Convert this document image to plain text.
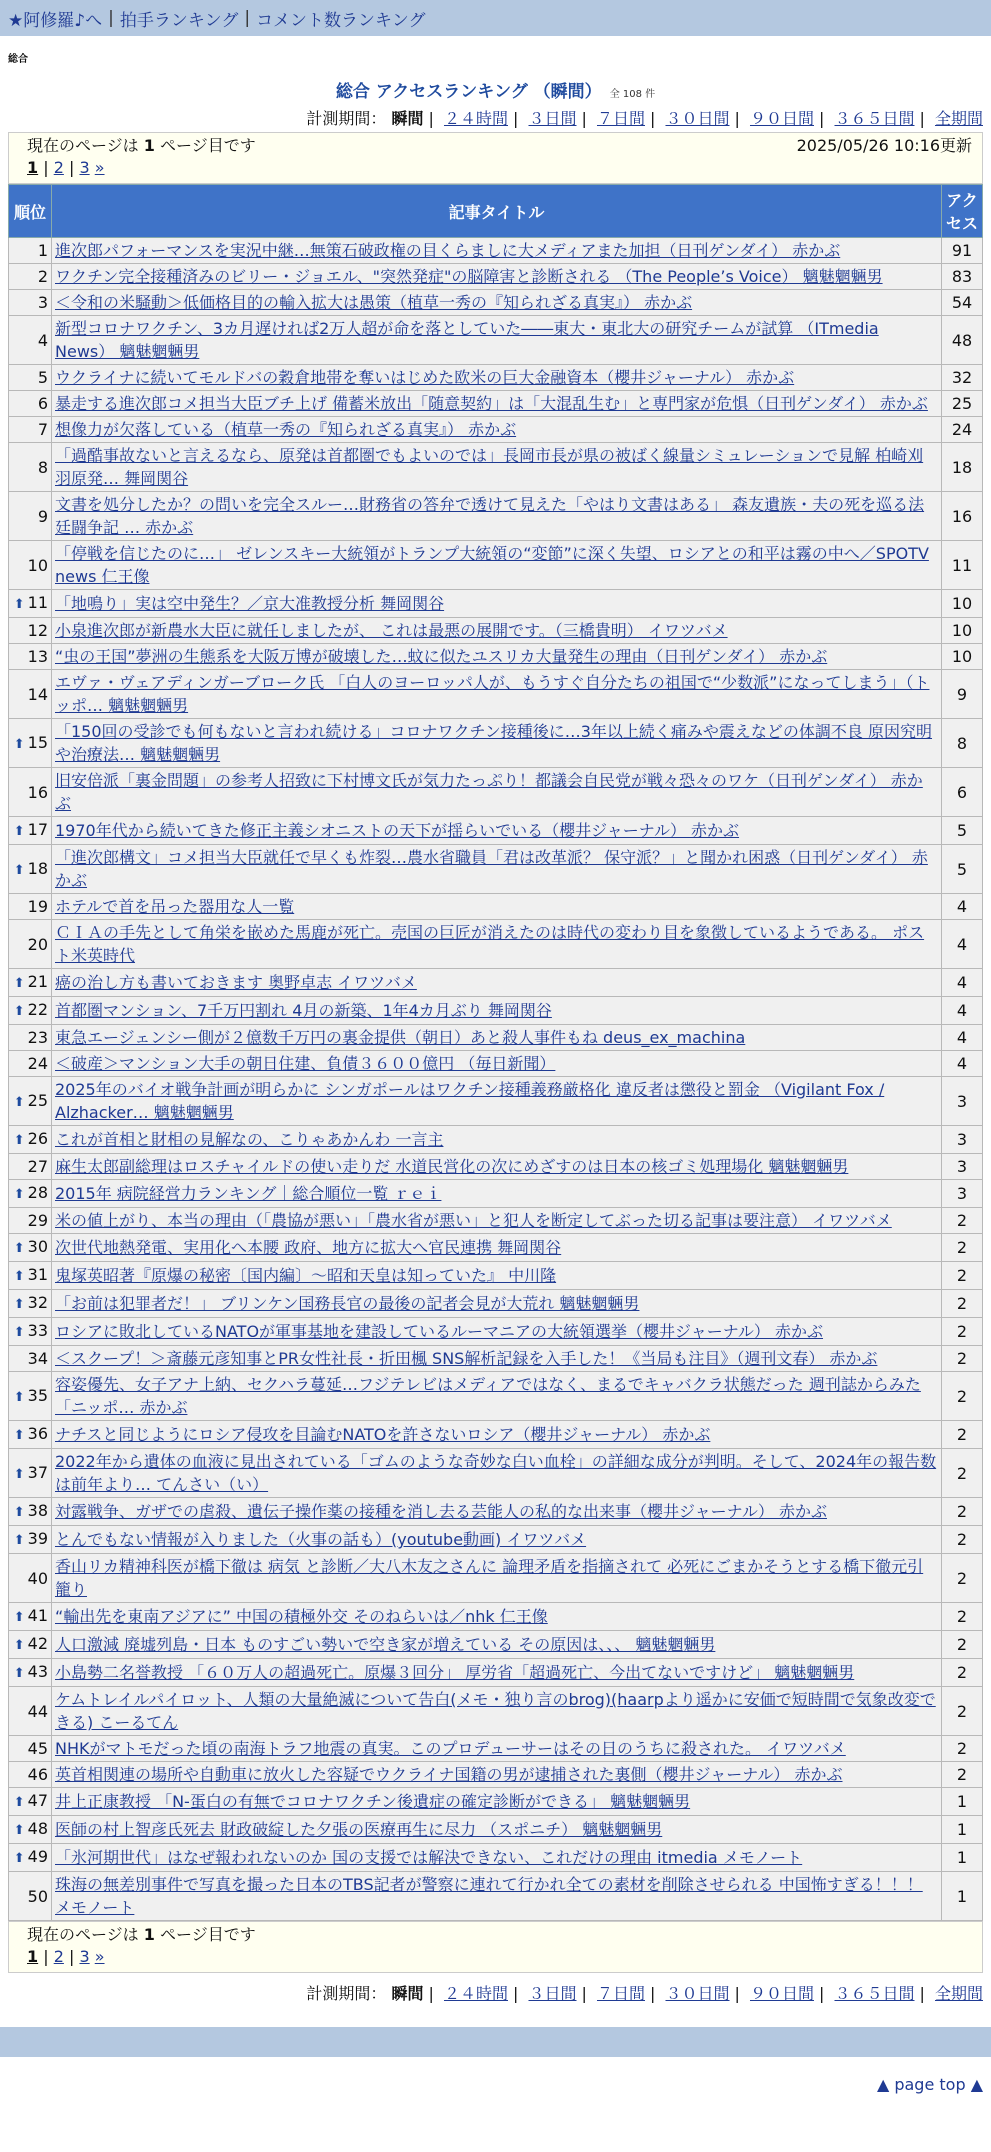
★阿修羅♪へ | 拍手ランキング | コメント数ランキング
総合
総合 アクセスランキング （瞬間） 全 108 件
計測期間： 瞬間 | ２４時間 | ３日間 | ７日間 | ３０日間 | ９０日間 | ３６５日間 | 全期間
現在のページは 1 ページ目です	2025/05/26 10:16更新
1 | 2 | 3 »
順位	記事タイトル	アクセス
1	進次郎パフォーマンスを実況中継…無策石破政権の目くらましに大メディアまた加担（日刊ゲンダイ） 赤かぶ	91
2	ワクチン完全接種済みのビリー・ジョエル、"突然発症"の脳障害と診断される （The People’s Voice） 魑魅魍魎男	83
3	＜令和の米騒動＞低価格目的の輸入拡大は愚策（植草一秀の『知られざる真実』） 赤かぶ	54
4	新型コロナワクチン、3カ月遅ければ2万人超が命を落としていた――東大・東北大の研究チームが試算 （ITmedia News） 魑魅魍魎男	48
5	ウクライナに続いてモルドバの穀倉地帯を奪いはじめた欧米の巨大金融資本（櫻井ジャーナル） 赤かぶ	32
6	暴走する進次郎コメ担当大臣ブチ上げ 備蓄米放出「随意契約」は「大混乱生む」と専門家が危惧（日刊ゲンダイ） 赤かぶ	25
7	想像力が欠落している（植草一秀の『知られざる真実』） 赤かぶ	24
8	「過酷事故ないと言えるなら、原発は首都圏でもよいのでは」長岡市長が県の被ばく線量シミュレーションで見解 柏崎刈羽原発… 舞岡関谷	18
9	文書を処分したか？の問いを完全スルー…財務省の答弁で透けて見えた「やはり文書はある」 森友遺族・夫の死を巡る法廷闘争記 … 赤かぶ	16
10	「停戦を信じたのに…」 ゼレンスキー大統領がトランプ大統領の“変節”に深く失望、ロシアとの和平は霧の中へ／SPOTV news 仁王像	11
⬆ 11	「地鳴り」実は空中発生？／京大准教授分析 舞岡関谷	10
12	小泉進次郎が新農水大臣に就任しましたが、 これは最悪の展開です。（三橋貴明） イワツバメ	10
13	“虫の王国”夢洲の生態系を大阪万博が破壊した…蚊に似たユスリカ大量発生の理由（日刊ゲンダイ） 赤かぶ	10
14	エヴァ・ヴェアディンガーブローク氏 「白人のヨーロッパ人が、もうすぐ自分たちの祖国で“少数派”になってしまう」（トッポ… 魑魅魍魎男	9
⬆ 15	「150回の受診でも何もないと言われ続ける」コロナワクチン接種後に…3年以上続く痛みや震えなどの体調不良 原因究明や治療法… 魑魅魍魎男	8
16	旧安倍派「裏金問題」の参考人招致に下村博文氏が気力たっぷり！都議会自民党が戦々恐々のワケ（日刊ゲンダイ） 赤かぶ	6
⬆ 17	1970年代から続いてきた修正主義シオニストの天下が揺らいでいる（櫻井ジャーナル） 赤かぶ	5
⬆ 18	「進次郎構文」コメ担当大臣就任で早くも炸裂…農水省職員「君は改革派？ 保守派？」と聞かれ困惑（日刊ゲンダイ） 赤かぶ	5
19	ホテルで首を吊った器用な人一覧	4
20	ＣＩＡの手先として角栄を嵌めた馬鹿が死亡。売国の巨匠が消えたのは時代の変わり目を象徴しているようである。 ポスト米英時代	4
⬆ 21	癌の治し方も書いておきます 奥野卓志 イワツバメ	4
⬆ 22	首都圏マンション、7千万円割れ 4月の新築、1年4カ月ぶり 舞岡関谷	4
23	東急エージェンシー側が２億数千万円の裏金提供（朝日）あと殺人事件もね deus_ex_machina	4
24	＜破産＞マンション大手の朝日住建、負債３６００億円 （毎日新聞）	4
⬆ 25	2025年のバイオ戦争計画が明らかに シンガポールはワクチン接種義務厳格化 違反者は懲役と罰金 （Vigilant Fox / Alzhacker… 魑魅魍魎男	3
⬆ 26	これが首相と財相の見解なの、こりゃあかんわ 一言主	3
27	麻生太郎副総理はロスチャイルドの使い走りだ 水道民営化の次にめざすのは日本の核ゴミ処理場化 魑魅魍魎男	3
⬆ 28	2015年 病院経営力ランキング｜総合順位一覧 ｒｅｉ	3
29	米の値上がり、本当の理由（「農協が悪い」「農水省が悪い」と犯人を断定してぶった切る記事は要注意） イワツバメ	2
⬆ 30	次世代地熱発電、実用化へ本腰 政府、地方に拡大へ官民連携 舞岡関谷	2
⬆ 31	鬼塚英昭著『原爆の秘密〔国内編〕～昭和天皇は知っていた』 中川隆	2
⬆ 32	「お前は犯罪者だ！」 ブリンケン国務長官の最後の記者会見が大荒れ 魑魅魍魎男	2
⬆ 33	ロシアに敗北しているNATOが軍事基地を建設しているルーマニアの大統領選挙（櫻井ジャーナル） 赤かぶ	2
34	＜スクープ！＞斎藤元彦知事とPR女性社長・折田楓 SNS解析記録を入手した！《当局も注目》（週刊文春） 赤かぶ	2
⬆ 35	容姿優先、女子アナ上納、セクハラ蔓延…フジテレビはメディアではなく、まるでキャバクラ状態だった 週刊誌からみた「ニッポ… 赤かぶ	2
⬆ 36	ナチスと同じようにロシア侵攻を目論むNATOを許さないロシア（櫻井ジャーナル） 赤かぶ	2
⬆ 37	2022年から遺体の血液に見出されている「ゴムのような奇妙な白い血栓」の詳細な成分が判明。そして、2024年の報告数は前年より… てんさい（い）	2
⬆ 38	対露戦争、ガザでの虐殺、遺伝子操作薬の接種を消し去る芸能人の私的な出来事（櫻井ジャーナル） 赤かぶ	2
⬆ 39	とんでもない情報が入りました（火事の話も）(youtube動画) イワツバメ	2
40	香山リカ精神科医が橋下徹は 病気 と診断／大八木友之さんに 論理矛盾を指摘されて 必死にごまかそうとする橋下徹元引籠り	2
⬆ 41	“輸出先を東南アジアに” 中国の積極外交 そのねらいは／nhk 仁王像	2
⬆ 42	人口激減 廃墟列島・日本 ものすごい勢いで空き家が増えている その原因は、、、 魑魅魍魎男	2
⬆ 43	小島勢二名誉教授 「６０万人の超過死亡。原爆３回分」 厚労省「超過死亡、今出てないですけど」 魑魅魍魎男	2
44	ケムトレイルパイロット、人類の大量絶滅について告白(メモ・独り言のbrog)(haarpより遥かに安価で短時間で気象改変できる) こーるてん	2
45	NHKがマトモだった頃の南海トラフ地震の真実。このプロデューサーはその日のうちに殺された。 イワツバメ	2
46	英首相関連の場所や自動車に放火した容疑でウクライナ国籍の男が逮捕された裏側（櫻井ジャーナル） 赤かぶ	2
⬆ 47	井上正康教授 「N-蛋白の有無でコロナワクチン後遺症の確定診断ができる」 魑魅魍魎男	1
⬆ 48	医師の村上智彦氏死去 財政破綻した夕張の医療再生に尽力 （スポニチ） 魑魅魍魎男	1
⬆ 49	「氷河期世代」はなぜ報われないのか 国の支援では解決できない、これだけの理由 itmedia メモノート	1
50	珠海の無差別事件で写真を撮った日本のTBS記者が警察に連れて行かれ全ての素材を削除させられる 中国怖すぎる！！！ メモノート	1
現在のページは 1 ページ目です
1 | 2 | 3 »
計測期間： 瞬間 | ２４時間 | ３日間 | ７日間 | ３０日間 | ９０日間 | ３６５日間 | 全期間
▲ page top ▲
